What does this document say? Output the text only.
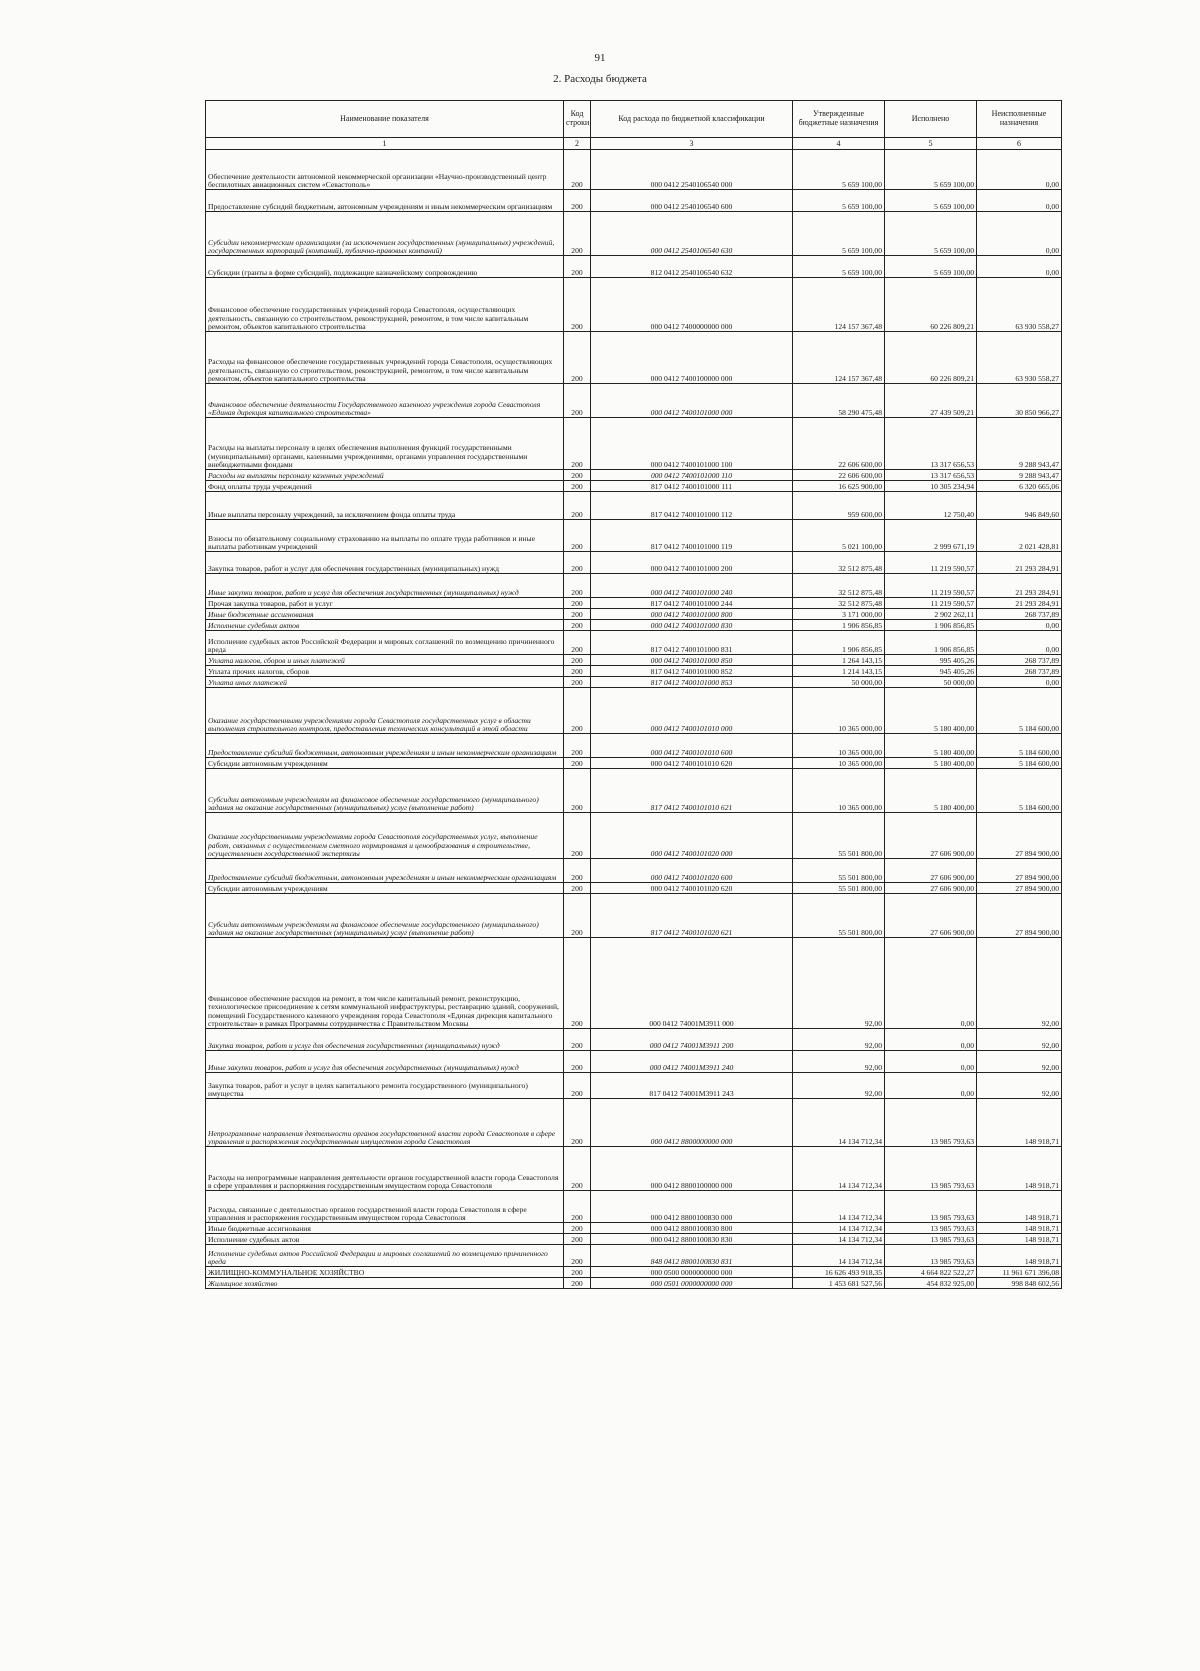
91
2. Расходы бюджета
Наименование показателя	Код строки	Код расхода по бюджетной классификации	Утвержденные бюджетные назначения	Исполнено	Неисполненные назначения
1	2	3	4	5	6
Обеспечение деятельности автономной некоммерческой организации «Научно-производственный центр беспилотных авиационных систем «Севастополь»	200	000 0412 2540106540 000	5 659 100,00	5 659 100,00	0,00
Предоставление субсидий бюджетным, автономным учреждениям и иным некоммерческим организациям	200	000 0412 2540106540 600	5 659 100,00	5 659 100,00	0,00
Субсидии некоммерческим организациям (за исключением государственных (муниципальных) учреждений, государственных корпораций (компаний), публично-правовых компаний)	200	000 0412 2540106540 630	5 659 100,00	5 659 100,00	0,00
Субсидии (гранты в форме субсидий), подлежащие казначейскому сопровождению	200	812 0412 2540106540 632	5 659 100,00	5 659 100,00	0,00
Финансовое обеспечение государственных учреждений города Севастополя, осуществляющих деятельность, связанную со строительством, реконструкцией, ремонтом, в том числе капитальным ремонтом, объектов капитального строительства	200	000 0412 7400000000 000	124 157 367,48	60 226 809,21	63 930 558,27
Расходы на финансовое обеспечение государственных учреждений города Севастополя, осуществляющих деятельность, связанную со строительством, реконструкцией, ремонтом, в том числе капитальным ремонтом, объектов капитального строительства	200	000 0412 7400100000 000	124 157 367,48	60 226 809,21	63 930 558,27
Финансовое обеспечение деятельности Государственного казенного учреждения города Севастополя «Единая дирекция капитального строительства»	200	000 0412 7400101000 000	58 290 475,48	27 439 509,21	30 850 966,27
Расходы на выплаты персоналу в целях обеспечения выполнения функций государственными (муниципальными) органами, казенными учреждениями, органами управления государственными внебюджетными фондами	200	000 0412 7400101000 100	22 606 600,00	13 317 656,53	9 288 943,47
Расходы на выплаты персоналу казенных учреждений	200	000 0412 7400101000 110	22 606 600,00	13 317 656,53	9 288 943,47
Фонд оплаты труда учреждений	200	817 0412 7400101000 111	16 625 900,00	10 305 234,94	6 320 665,06
Иные выплаты персоналу учреждений, за исключением фонда оплаты труда	200	817 0412 7400101000 112	959 600,00	12 750,40	946 849,60
Взносы по обязательному социальному страхованию на выплаты по оплате труда работников и иные выплаты работникам учреждений	200	817 0412 7400101000 119	5 021 100,00	2 999 671,19	2 021 428,81
Закупка товаров, работ и услуг для обеспечения государственных (муниципальных) нужд	200	000 0412 7400101000 200	32 512 875,48	11 219 590,57	21 293 284,91
Иные закупки товаров, работ и услуг для обеспечения государственных (муниципальных) нужд	200	000 0412 7400101000 240	32 512 875,48	11 219 590,57	21 293 284,91
Прочая закупка товаров, работ и услуг	200	817 0412 7400101000 244	32 512 875,48	11 219 590,57	21 293 284,91
Иные бюджетные ассигнования	200	000 0412 7400101000 800	3 171 000,00	2 902 262,11	268 737,89
Исполнение судебных актов	200	000 0412 7400101000 830	1 906 856,85	1 906 856,85	0,00
Исполнение судебных актов Российской Федерации и мировых соглашений по возмещению причиненного вреда	200	817 0412 7400101000 831	1 906 856,85	1 906 856,85	0,00
Уплата налогов, сборов и иных платежей	200	000 0412 7400101000 850	1 264 143,15	995 405,26	268 737,89
Уплата прочих налогов, сборов	200	817 0412 7400101000 852	1 214 143,15	945 405,26	268 737,89
Уплата иных платежей	200	817 0412 7400101000 853	50 000,00	50 000,00	0,00
Оказание государственными учреждениями города Севастополя государственных услуг в области выполнения строительного контроля, предоставления технических консультаций в этой области	200	000 0412 7400101010 000	10 365 000,00	5 180 400,00	5 184 600,00
Предоставление субсидий бюджетным, автономным учреждениям и иным некоммерческим организациям	200	000 0412 7400101010 600	10 365 000,00	5 180 400,00	5 184 600,00
Субсидии автономным учреждениям	200	000 0412 7400101010 620	10 365 000,00	5 180 400,00	5 184 600,00
Субсидии автономным учреждениям на финансовое обеспечение государственного (муниципального) задания на оказание государственных (муниципальных) услуг (выполнение работ)	200	817 0412 7400101010 621	10 365 000,00	5 180 400,00	5 184 600,00
Оказание государственными учреждениями города Севастополя государственных услуг, выполнение работ, связанных с осуществлением сметного нормирования и ценообразования в строительстве, осуществлением государственной экспертизы	200	000 0412 7400101020 000	55 501 800,00	27 606 900,00	27 894 900,00
Предоставление субсидий бюджетным, автономным учреждениям и иным некоммерческим организациям	200	000 0412 7400101020 600	55 501 800,00	27 606 900,00	27 894 900,00
Субсидии автономным учреждениям	200	000 0412 7400101020 620	55 501 800,00	27 606 900,00	27 894 900,00
Субсидии автономным учреждениям на финансовое обеспечение государственного (муниципального) задания на оказание государственных (муниципальных) услуг (выполнение работ)	200	817 0412 7400101020 621	55 501 800,00	27 606 900,00	27 894 900,00
Финансовое обеспечение расходов на ремонт, в том числе капитальный ремонт, реконструкцию, технологическое присоединение к сетям коммунальной инфраструктуры, реставрацию зданий, сооружений, помещений Государственного казенного учреждения города Севастополя «Единая дирекция капитального строительства» в рамках Программы сотрудничества с Правительством Москвы	200	000 0412 74001M3911 000	92,00	0,00	92,00
Закупка товаров, работ и услуг для обеспечения государственных (муниципальных) нужд	200	000 0412 74001M3911 200	92,00	0,00	92,00
Иные закупки товаров, работ и услуг для обеспечения государственных (муниципальных) нужд	200	000 0412 74001M3911 240	92,00	0,00	92,00
Закупка товаров, работ и услуг в целях капитального ремонта государственного (муниципального) имущества	200	817 0412 74001M3911 243	92,00	0,00	92,00
Непрограммные направления деятельности органов государственной власти города Севастополя в сфере управления и распоряжения государственным имуществом города Севастополя	200	000 0412 8800000000 000	14 134 712,34	13 985 793,63	148 918,71
Расходы на непрограммные направления деятельности органов государственной власти города Севастополя в сфере управления и распоряжения государственным имуществом города Севастополя	200	000 0412 8800100000 000	14 134 712,34	13 985 793,63	148 918,71
Расходы, связанные с деятельностью органов государственной власти города Севастополя в сфере управления и распоряжения государственным имуществом города Севастополя	200	000 0412 8800100830 000	14 134 712,34	13 985 793,63	148 918,71
Иные бюджетные ассигнования	200	000 0412 8800100830 800	14 134 712,34	13 985 793,63	148 918,71
Исполнение судебных актов	200	000 0412 8800100830 830	14 134 712,34	13 985 793,63	148 918,71
Исполнение судебных актов Российской Федерации и мировых соглашений по возмещению причиненного вреда	200	848 0412 8800100830 831	14 134 712,34	13 985 793,63	148 918,71
ЖИЛИЩНО-КОММУНАЛЬНОЕ ХОЗЯЙСТВО	200	000 0500 0000000000 000	16 626 493 918,35	4 664 822 522,27	11 961 671 396,08
Жилищное хозяйство	200	000 0501 0000000000 000	1 453 681 527,56	454 832 925,00	998 848 602,56
